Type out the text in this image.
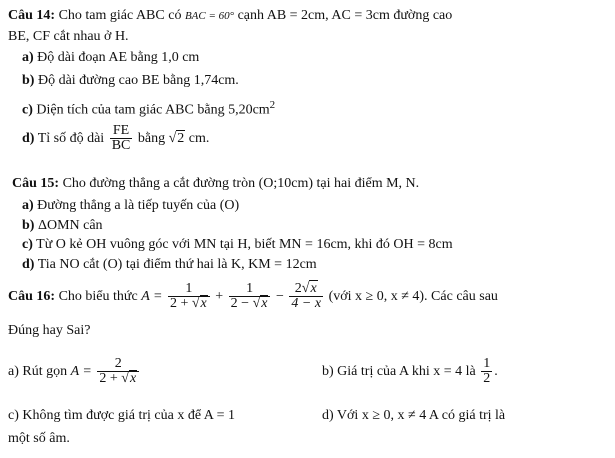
Câu 14: Cho tam giác ABC có BAC = 60° cạnh AB = 2cm, AC = 3cm đường cao
BE, CF cắt nhau ở H.
a) Độ dài đoạn AE bằng 1,0 cm
b) Độ dài đường cao BE bằng 1,74cm.
c) Diện tích của tam giác ABC bằng $5,20cm^2$
d) Tỉ số độ dài $\frac{FE}{BC}$ bằng √2 cm.
Câu 15: Cho đường thẳng a cắt đường tròn (O;10cm) tại hai điểm M, N.
a) Đường thẳng a là tiếp tuyến của (O)
b) ΔOMN cân
c) Từ O kẻ OH vuông góc với MN tại H, biết MN = 16cm, khi đó OH = 8cm
d) Tia NO cắt (O) tại điểm thứ hai là K, KM = 12cm
Câu 16: Cho biểu thức $A = \frac{1}{2 + √x} + \frac{1}{2 - √x} - \frac{2√x}{4 - x}$ (với x ≥ 0, x ≠ 4). Các câu sau
Đúng hay Sai?
a) Rút gọn $A = \frac{2}{2 + √x}$	b) Giá trị của A khi x = 4 là $\frac{1}{2}$ .
c) Không tìm được giá trị của x để A = 1	d) Với x ≥ 0, x ≠ 4 A có giá trị là
một số âm.
